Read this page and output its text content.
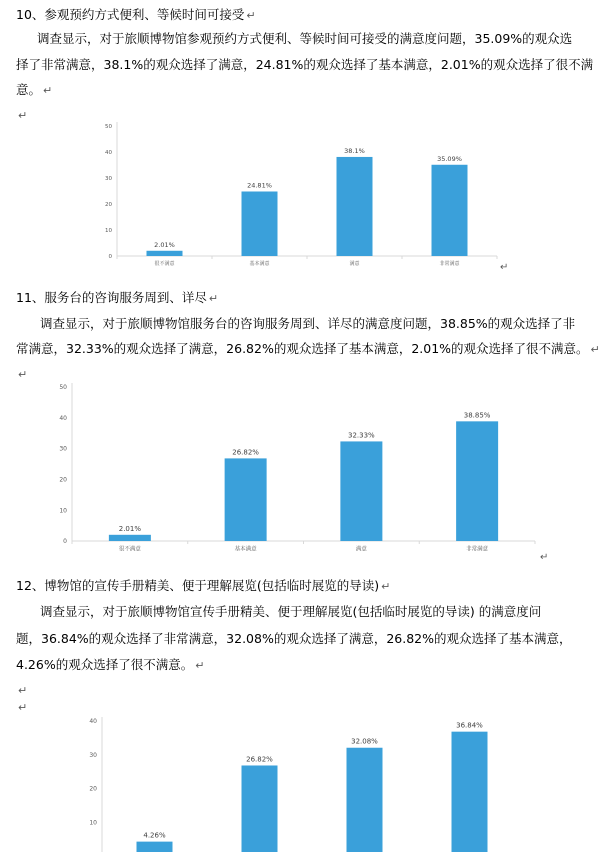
10、参观预约方式便利、等候时间可接受 ↵
调查显示，对于旅顺博物馆参观预约方式便利、等候时间可接受的满意度问题，35.09%的观众选
择了非常满意，38.1%的观众选择了满意，24.81%的观众选择了基本满意，2.01%的观众选择了很不满
意。 ↵
↵
0
10
20
30
40
50
2.01%
很不满意
24.81%
基本满意
38.1%
满意
35.09%
非常满意	↵
11、服务台的咨询服务周到、详尽 ↵
调查显示，对于旅顺博物馆服务台的咨询服务周到、详尽的满意度问题，38.85%的观众选择了非
常满意，32.33%的观众选择了满意，26.82%的观众选择了基本满意，2.01%的观众选择了很不满意。 ↵
↵
0
10
20
30
40
50
2.01%
很不满意
26.82%
基本满意
32.33%
满意
38.85%
非常满意
↵
12、博物馆的宣传手册精美、便于理解展览(包括临时展览的导读) ↵
调查显示，对于旅顺博物馆宣传手册精美、便于理解展览(包括临时展览的导读) 的满意度问
题，36.84%的观众选择了非常满意，32.08%的观众选择了满意，26.82%的观众选择了基本满意，
4.26%的观众选择了很不满意。 ↵
↵
↵
10
20
30
40
4.26%
26.82%
32.08%
36.84%
